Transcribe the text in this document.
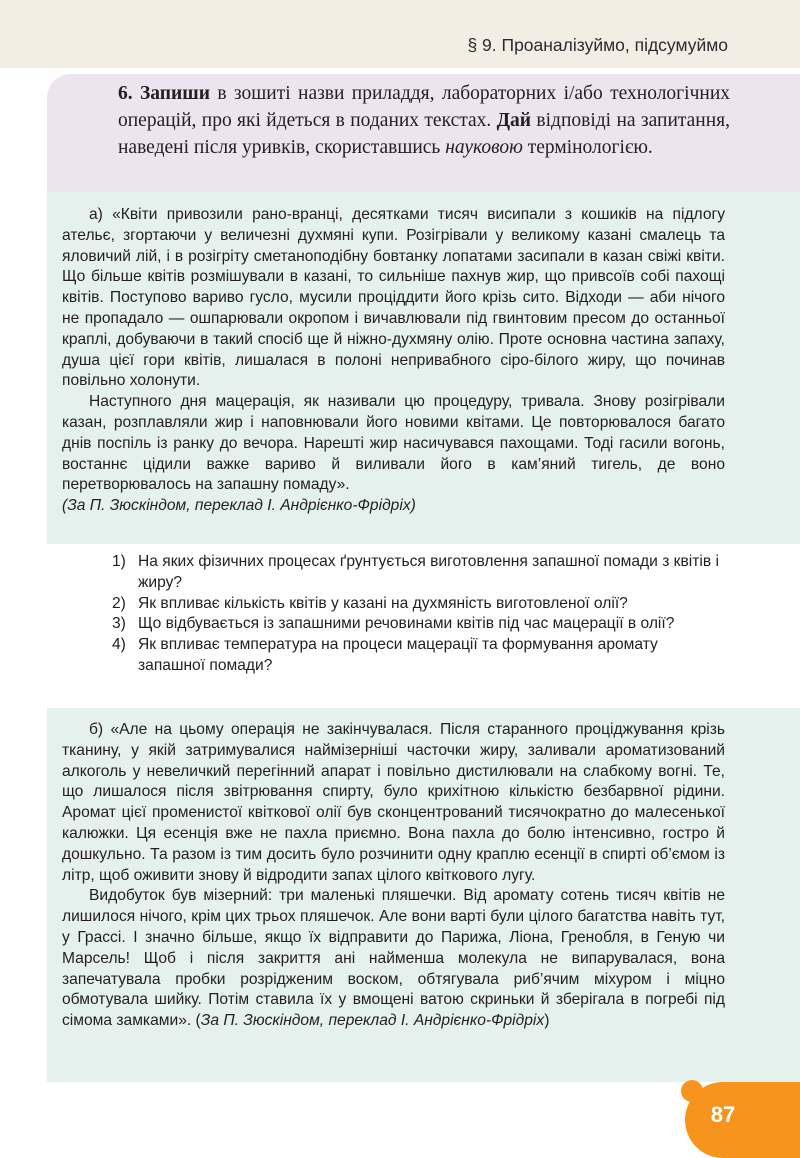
§ 9. Проаналізуймо, підсумуймо
6. Запиши в зошиті назви приладдя, лабораторних і/або технологічних операцій, про які йдеться в поданих текстах. Дай відповіді на запитання, наведені після уривків, скориставшись науковою термінологією.

а) «Квіти привозили рано-вранці, десятками тисяч висипали з кошиків на підлогу ательє, згортаючи у величезні духмяні купи. Розігрівали у великому казані смалець та яловичий лій, і в розігріту сметаноподібну бовтанку лопатами засипали в казан свіжі квіти. Що більше квітів розмішували в казані, то сильніше пахнув жир, що привсоїв собі пахощі квітів. Поступово вариво гусло, мусили проціддити його крізь сито. Відходи — аби нічого не пропадало — ошпарювали окропом і вичавлювали під гвинтовим пресом до останньої краплі, добуваючи в такий спосіб ще й ніжно-духмяну олію. Проте основна частина запаху, душа цієї гори квітів, лишалася в полоні непривабного сіро-білого жиру, що починав повільно холонути.

Наступного дня мацерація, як називали цю процедуру, тривала. Знову розігрівали казан, розплавляли жир і наповнювали його новими квітами. Це повторювалося багато днів поспіль із ранку до вечора. Нарешті жир насичувався пахощами. Тоді гасили вогонь, востаннє цідили важке вариво й виливали його в кам’яний тигель, де воно перетворювалось на запашну помаду».

(За П. Зюскіндом, переклад І. Андрієнко-Фрідріх)

1) На яких фізичних процесах ґрунтується виготовлення запашної помади з квітів і жиру?
2) Як впливає кількість квітів у казані на духмяність виготовленої олії?
3) Що відбувається із запашними речовинами квітів під час мацерації в олії?
4) Як впливає температура на процеси мацерації та формування аромату запашної помади?

б) «Але на цьому операція не закінчувалася. Після старанного проціджування крізь тканину, у якій затримувалися наймізерніші часточки жиру, заливали ароматизований алкоголь у невеличкий перегінний апарат і повільно дистилювали на слабкому вогні. Те, що лишалося після звітрювання спирту, було крихітною кількістю безбарвної рідини. Аромат цієї променистої квіткової олії був сконцентрований тисячократно до малесенької калюжки. Ця есенція вже не пахла приємно. Вона пахла до болю інтенсивно, гостро й дошкульно. Та разом із тим досить було розчинити одну краплю есенції в спирті об’ємом із літр, щоб оживити знову й відродити запах цілого квіткового лугу.

Видобуток був мізерний: три маленькі пляшечки. Від аромату сотень тисяч квітів не лишилося нічого, крім цих трьох пляшечок. Але вони варті були цілого багатства навіть тут, у Грассі. І значно більше, якщо їх відправити до Парижа, Ліона, Гренобля, в Геную чи Марсель! Щоб і після закриття ані найменша молекула не випарувалася, вона запечатувала пробки розрідженим воском, обтягувала риб’ячим міхуром і міцно обмотувала шийку. Потім ставила їх у вмощені ватою скриньки й зберігала в погребі під сімома замками». (За П. Зюскіндом, переклад І. Андрієнко-Фрідріх)

87
